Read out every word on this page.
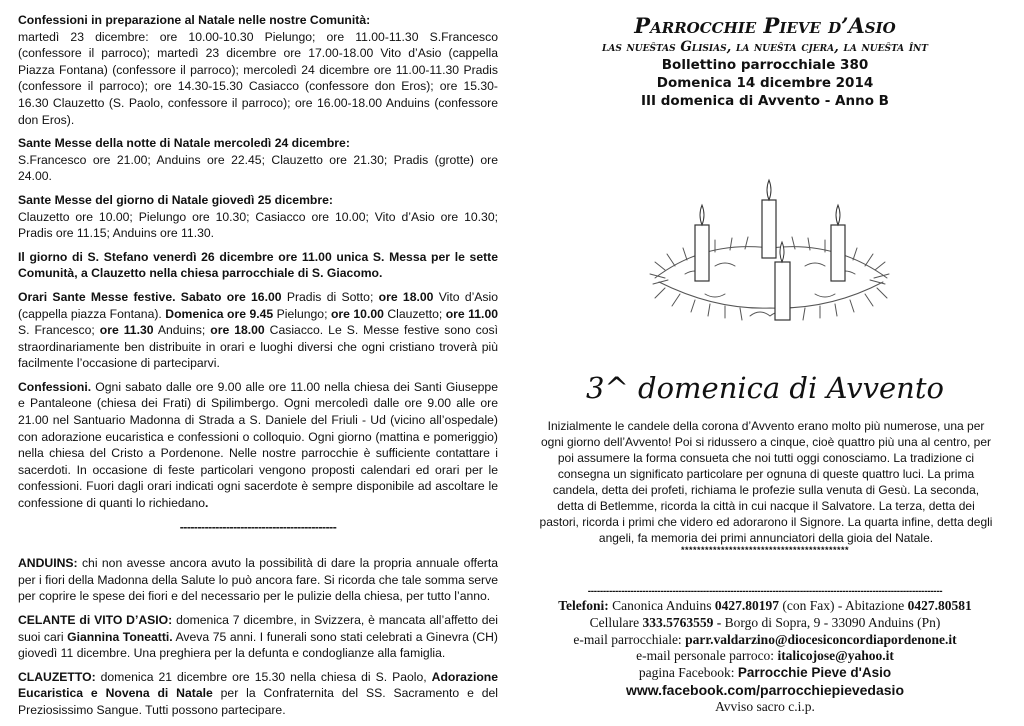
Confessioni in preparazione al Natale nelle nostre Comunità:
martedì 23 dicembre: ore 10.00-10.30 Pielungo; ore 11.00-11.30 S.Francesco (confessore il parroco); martedì 23 dicembre ore 17.00-18.00 Vito d’Asio (cappella Piazza Fontana) (confessore il parroco); mercoledì 24 dicembre ore 11.00-11.30 Pradis (confessore il parroco); ore 14.30-15.30 Casiacco (confessore don Eros); ore 15.30-16.30 Clauzetto (S. Paolo, confessore il parroco); ore 16.00-18.00 Anduins (confessore don Eros).

Sante Messe della notte di Natale mercoledì 24 dicembre:
S.Francesco ore 21.00; Anduins ore 22.45; Clauzetto ore 21.30; Pradis (grotte) ore 24.00.

Sante Messe del giorno di Natale giovedì 25 dicembre:
Clauzetto ore 10.00; Pielungo ore 10.30; Casiacco ore 10.00; Vito d’Asio ore 10.30; Pradis ore 11.15; Anduins ore 11.30.

Il giorno di S. Stefano venerdì 26 dicembre ore 11.00 unica S. Messa per le sette Comunità, a Clauzetto nella chiesa parrocchiale di S. Giacomo.

Orari Sante Messe festive. Sabato ore 16.00 Pradis di Sotto; ore 18.00 Vito d’Asio (cappella piazza Fontana). Domenica ore 9.45 Pielungo; ore 10.00 Clauzetto; ore 11.00 S. Francesco; ore 11.30 Anduins; ore 18.00 Casiacco. Le S. Messe festive sono così straordinariamente ben distribuite in orari e luoghi diversi che ogni cristiano troverà più facilmente l’occasione di parteciparvi.

Confessioni. Ogni sabato dalle ore 9.00 alle ore 11.00 nella chiesa dei Santi Giuseppe e Pantaleone (chiesa dei Frati) di Spilimbergo. Ogni mercoledì dalle ore 9.00 alle ore 21.00 nel Santuario Madonna di Strada a S. Daniele del Friuli - Ud (vicino all’ospedale) con adorazione eucaristica e confessioni o colloquio. Ogni giorno (mattina e pomeriggio) nella chiesa del Cristo a Pordenone. Nelle nostre parrocchie è sufficiente contattare i sacerdoti. In occasione di feste particolari vengono proposti calendari ed orari per le confessioni. Fuori dagli orari indicati ogni sacerdote è sempre disponibile ad ascoltare le confessione di quanti lo richiedano.

--------------------------------------------

ANDUINS: chi non avesse ancora avuto la possibilità di dare la propria annuale offerta per i fiori della Madonna della Salute lo può ancora fare. Si ricorda che tale somma serve per coprire le spese dei fiori e del necessario per le pulizie della chiesa, per tutto l’anno.

CELANTE di VITO D’ASIO: domenica 7 dicembre, in Svizzera, è mancata all’affetto dei suoi cari Giannina Toneatti. Aveva 75 anni. I funerali sono stati celebrati a Ginevra (CH) giovedì 11 dicembre. Una preghiera per la defunta e condoglianze alla famiglia.

CLAUZETTO: domenica 21 dicembre ore 15.30 nella chiesa di S. Paolo, Adorazione Eucaristica e Novena di Natale per la Confraternita del SS. Sacramento e del Preziosissimo Sangue. Tutti possono partecipare.

Parrocchie Pieve d’Asio

las nueŝtas Glisias, la nueŝta cjera, la nueŝta înt

Bollettino parrocchiale 380

Domenica 14 dicembre 2014

III domenica di Avvento - Anno B

3^ domenica di Avvento
Inizialmente le candele della corona d’Avvento erano molto più numerose, una per ogni giorno dell’Avvento! Poi si ridussero a cinque, cioè quattro più una al centro, per poi assumere la forma consueta che noi tutti oggi conosciamo. La tradizione ci consegna un significato particolare per ognuna di queste quattro luci. La prima candela, detta dei profeti, richiama le profezie sulla venuta di Gesù. La seconda, detta di Betlemme, ricorda la città in cui nacque il Salvatore. La terza, detta dei pastori, ricorda i primi che videro ed adorarono il Signore. La quarta infine, detta degli angeli, fa memoria dei primi annunciatori della gioia del Natale.
******************************************
---------------------------------------------------------------------------------------------------------------------
Telefoni: Canonica Anduins 0427.80197 (con Fax) - Abitazione 0427.80581
Cellulare 333.5763559 - Borgo di Sopra, 9 - 33090 Anduins (Pn)
e-mail parrocchiale: parr.valdarzino@diocesiconcordiapordenone.it
e-mail personale parroco: italicojose@yahoo.it
pagina Facebook: Parrocchie Pieve d'Asio
www.facebook.com/parrocchiepievedasio
Avviso sacro c.i.p.
